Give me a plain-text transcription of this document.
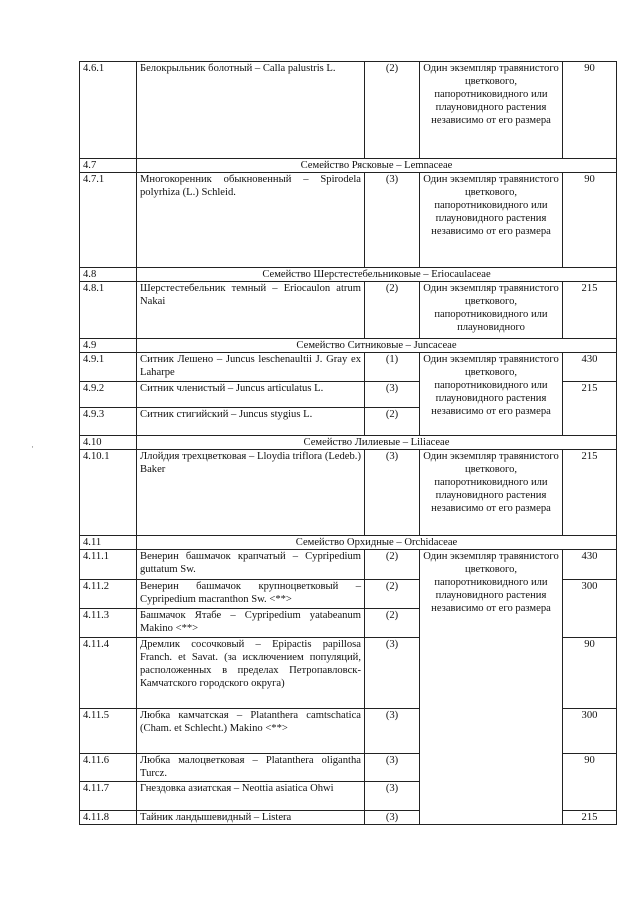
4.6.1	Белокрыльник болотный – Calla palustris L.	(2)	Один экземпляр травянистого цветкового, папоротниковидного или плауновидного растения независимо от его размера	90
4.7	Семейство Рясковые – Lemnaceae			
4.7.1	Многокоренник обыкновенный – Spirodela polyrhiza (L.) Schleid.	(3)	Один экземпляр травянистого цветкового, папоротниковидного или плауновидного растения независимо от его размера	90
4.8	Семейство Шерстестебельниковые – Eriocaulaceae			
4.8.1	Шерстестебельник темный – Eriocaulon atrum Nakai	(2)	Один экземпляр травянистого цветкового, папоротниковидного или плауновидного	215
4.9	Семейство Ситниковые – Juncaceae			
4.9.1	Ситник Лешено – Juncus leschenaultii J. Gray ex Laharpe	(1)	Один экземпляр травянистого цветкового, папоротниковидного или плауновидного растения независимо от его размера	430
4.9.2	Ситник членистый – Juncus articulatus L.	(3)		215
4.9.3	Ситник стигийский – Juncus stygius L.	(2)		
4.10	Семейство Лилиевые – Liliaceae			
4.10.1	Ллойдия трехцветковая – Lloydia triflora (Ledeb.) Baker	(3)	Один экземпляр травянистого цветкового, папоротниковидного или плауновидного растения независимо от его размера	215
4.11	Семейство Орхидные – Orchidaceae			
4.11.1	Венерин башмачок крапчатый – Cypripedium guttatum Sw.	(2)	Один экземпляр травянистого цветкового, папоротниковидного или плауновидного растения независимо от его размера	430
4.11.2	Венерин башмачок крупноцветковый – Cypripedium macranthon Sw. <**>	(2)		300
4.11.3	Башмачок Ятабе – Cypripedium yatabeanum Makino <**>	(2)		
4.11.4	Дремлик сосочковый – Epipactis papillosa Franch. et Savat. (за исключением популяций, расположенных в пределах Петропавловск-Камчатского городского округа)	(3)		90
4.11.5	Любка камчатская – Platanthera camtschatica (Cham. et Schlecht.) Makino <**>	(3)		300
4.11.6	Любка малоцветковая – Platanthera oligantha Turcz.	(3)		90
4.11.7	Гнездовка азиатская – Neottia asiatica Ohwi	(3)		
4.11.8	Тайник ландышевидный – Listera	(3)		215
·
